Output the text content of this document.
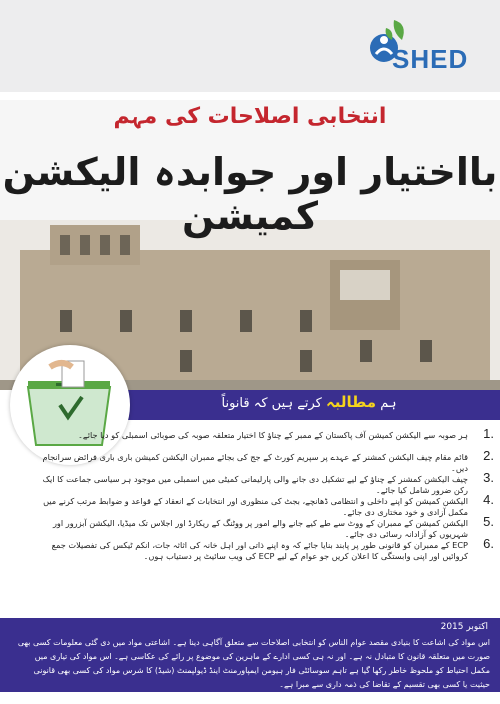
SHED
انتخابی اصلاحات کی مہم
بااختیار اور جوابدہ الیکشن کمیشن
ہم مطالبہ کرتے ہیں کہ قانوناً
1.
ہر صوبہ سے الیکشن کمیشن آف پاکستان کے ممبر کے چناؤ کا اختیار متعلقہ صوبہ کی صوبائی اسمبلی کو دیا جائے۔
2.
قائم مقام چیف الیکشن کمشنر کے عہدے پر سپریم کورٹ کے جج کی بجائے ممبران الیکشن کمیشن باری باری فرائض سرانجام دیں۔
3.
چیف الیکشن کمشنر کے چناؤ کے لیے تشکیل دی جانے والی پارلیمانی کمیٹی میں اسمبلی میں موجود ہر سیاسی جماعت کا ایک رکن ضرور شامل کیا جائے۔
4.
الیکشن کمیشن کو اپنے داخلی و انتظامی ڈھانچے، بجٹ کی منظوری اور انتخابات کے انعقاد کے قواعد و ضوابط مرتب کرنے میں مکمل آزادی و خود مختاری دی جائے۔
5.
الیکشن کمیشن کے ممبران کے ووٹ سے طے کیے جانے والے امور پر ووٹنگ کے ریکارڈ اور اجلاس تک میڈیا، الیکشن آبزرور اور شہریوں کو آزادانہ رسائی دی جائے۔
6.
ECP کے ممبران کو قانونی طور پر پابند بنایا جائے کہ وہ اپنے ذاتی اور اہل خانہ کی اثاثہ جات، انکم ٹیکس کی تفصیلات جمع کروائیں اور اپنی وابستگی کا اعلان کریں جو عوام کے لیے ECP کی ویب سائیٹ پر دستیاب ہوں۔
اکتوبر 2015
اس مواد کی اشاعت کا بنیادی مقصد عوام الناس کو انتخابی اصلاحات سے متعلق آگاہی دینا ہے۔ اشاعتی مواد میں دی گئی معلومات کسی بھی صورت میں متعلقہ قانون کا متبادل نہ ہے۔ اور نہ ہی کسی ادارے کے ماہرین کی موضوع پر رائے کی عکاسی ہے۔ اس مواد کی تیاری میں مکمل احتیاط کو ملحوظ خاطر رکھا گیا ہے تاہم سوسائٹی فار ہیومن ایمپاورمنٹ اینڈ ڈیولپمنٹ (شیڈ) کا شرس مواد کی کسی بھی قانونی حیثیت یا کسی بھی تقسیم کے تقاضا کی ذمہ داری سے مبرا ہے۔
